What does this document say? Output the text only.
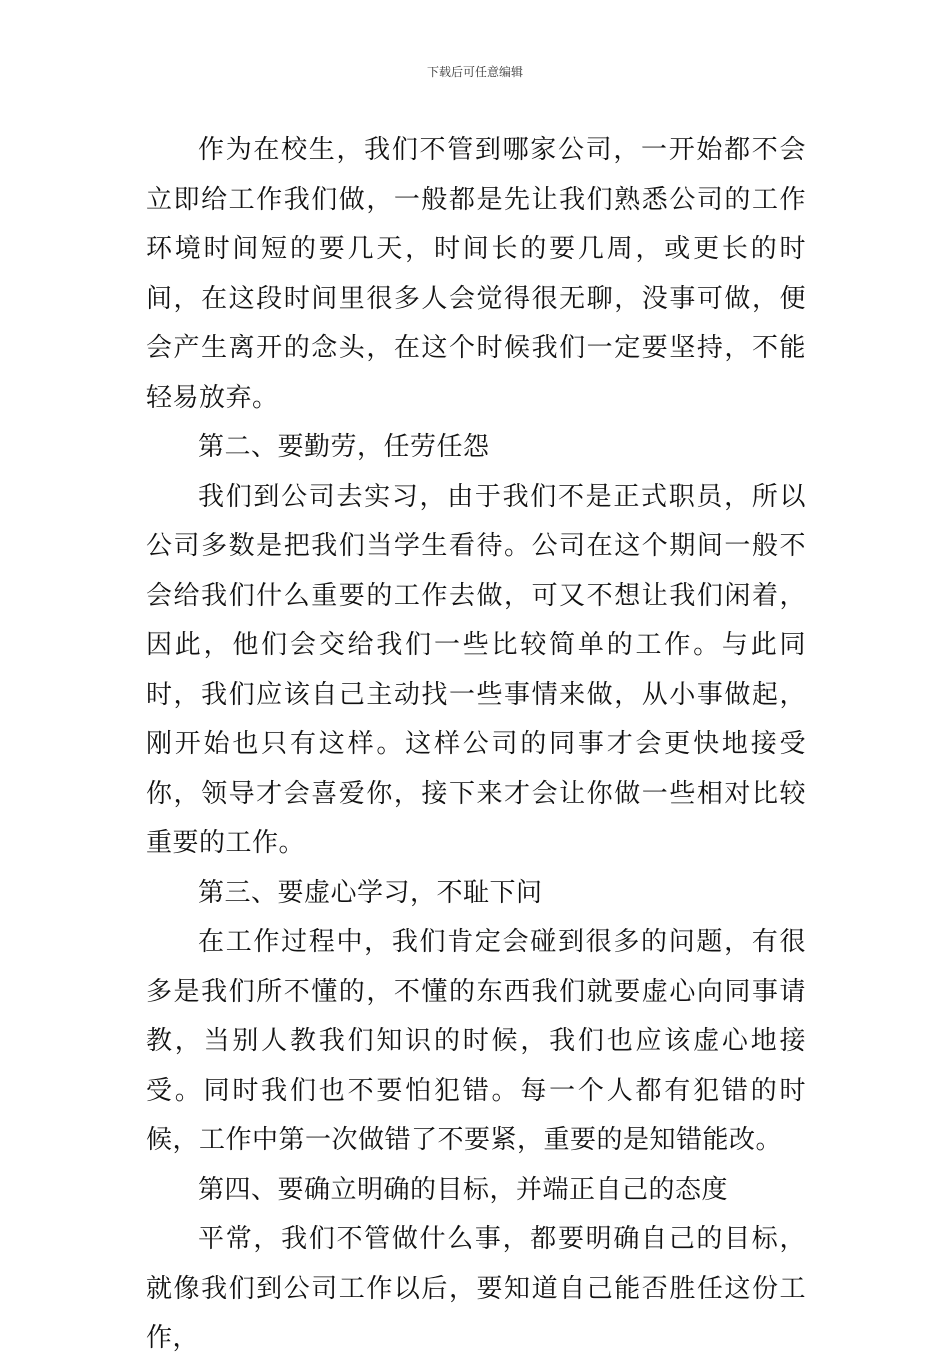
下载后可任意编辑

作为在校生，我们不管到哪家公司，一开始都不会立即给工作我们做，一般都是先让我们熟悉公司的工作环境时间短的要几天，时间长的要几周，或更长的时间，在这段时间里很多人会觉得很无聊，没事可做，便会产生离开的念头，在这个时候我们一定要坚持，不能轻易放弃。

第二、要勤劳，任劳任怨

我们到公司去实习，由于我们不是正式职员，所以公司多数是把我们当学生看待。公司在这个期间一般不会给我们什么重要的工作去做，可又不想让我们闲着，因此，他们会交给我们一些比较简单的工作。与此同时，我们应该自己主动找一些事情来做，从小事做起，刚开始也只有这样。这样公司的同事才会更快地接受你，领导才会喜爱你，接下来才会让你做一些相对比较重要的工作。

第三、要虚心学习，不耻下问

在工作过程中，我们肯定会碰到很多的问题，有很多是我们所不懂的，不懂的东西我们就要虚心向同事请教，当别人教我们知识的时候，我们也应该虚心地接受。同时我们也不要怕犯错。每一个人都有犯错的时候，工作中第一次做错了不要紧，重要的是知错能改。

第四、要确立明确的目标，并端正自己的态度

平常，我们不管做什么事，都要明确自己的目标，就像我们到公司工作以后，要知道自己能否胜任这份工作，
